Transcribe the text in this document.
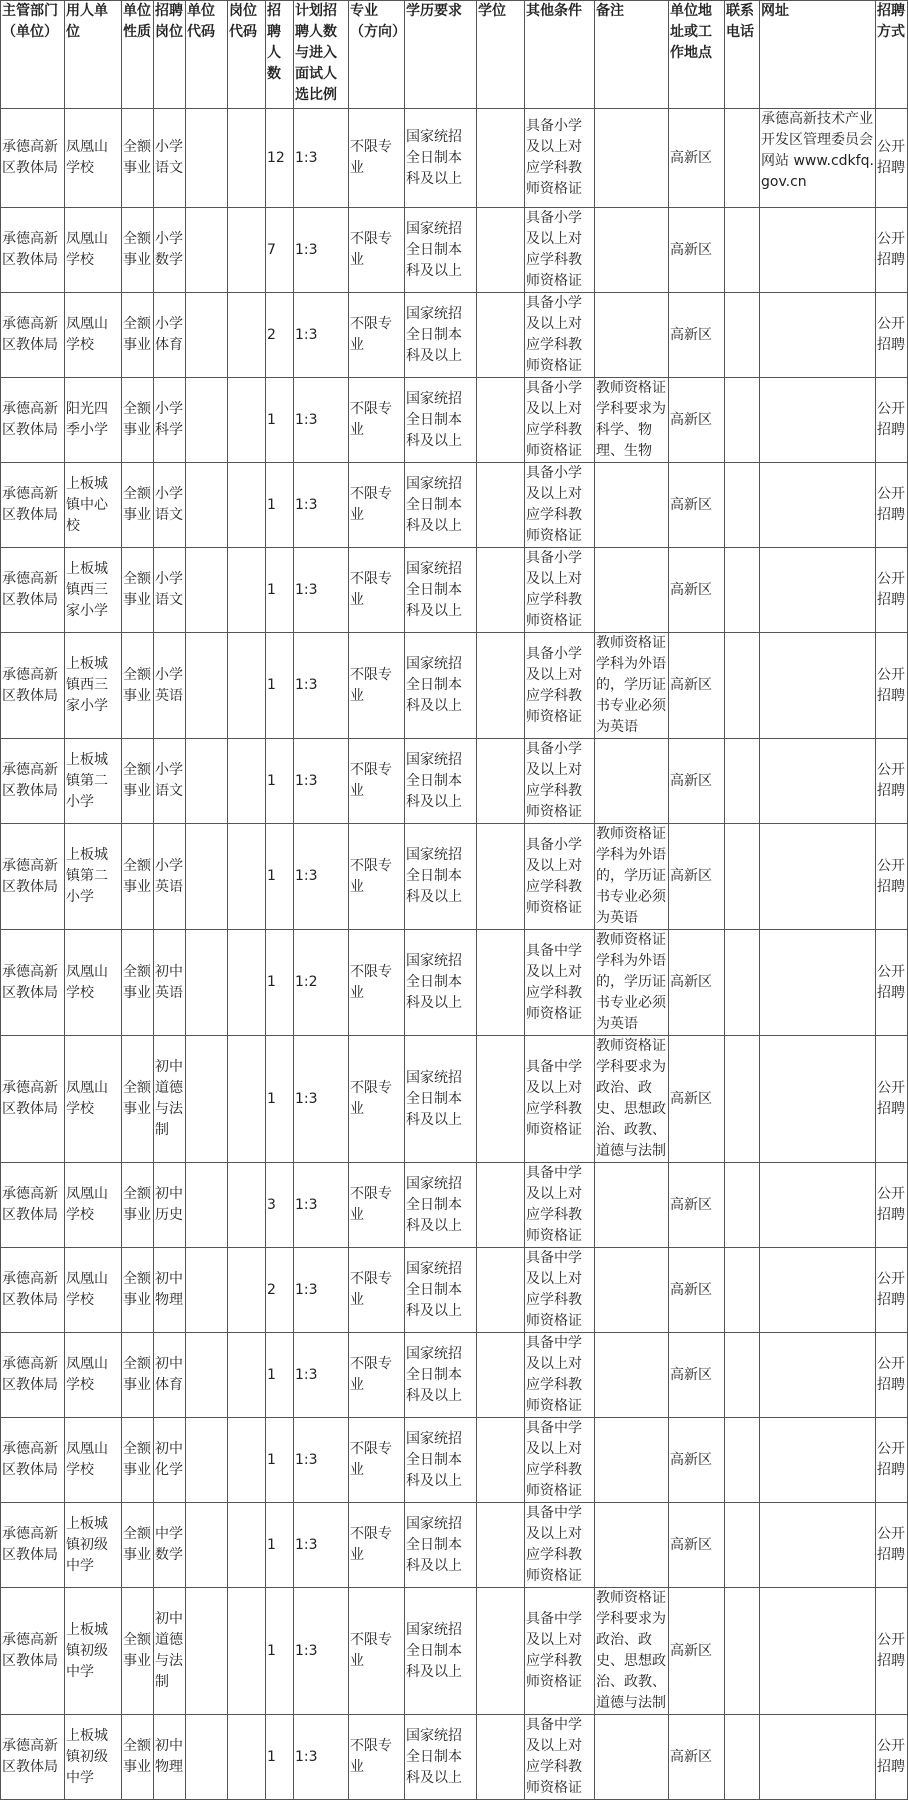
主管部门（单位）	用人单位	单位性质	招聘岗位	单位代码	岗位代码	招聘人数	计划招聘人数与进入面试人选比例	专业（方向）	学历要求	学位	其他条件	备注	单位地址或工作地点	联系电话	网址	招聘方式
承德高新区教体局	凤凰山学校	全额事业	小学语文			12	1:3	不限专业	国家统招全日制本科及以上		具备小学及以上对应学科教师资格证		高新区		承德高新技术产业开发区管理委员会网站 www.cdkfq.gov.cn	公开招聘
承德高新区教体局	凤凰山学校	全额事业	小学数学			7	1:3	不限专业	国家统招全日制本科及以上		具备小学及以上对应学科教师资格证		高新区			公开招聘
承德高新区教体局	凤凰山学校	全额事业	小学体育			2	1:3	不限专业	国家统招全日制本科及以上		具备小学及以上对应学科教师资格证		高新区			公开招聘
承德高新区教体局	阳光四季小学	全额事业	小学科学			1	1:3	不限专业	国家统招全日制本科及以上		具备小学及以上对应学科教师资格证	教师资格证学科要求为科学、物理、生物	高新区			公开招聘
承德高新区教体局	上板城镇中心校	全额事业	小学语文			1	1:3	不限专业	国家统招全日制本科及以上		具备小学及以上对应学科教师资格证		高新区			公开招聘
承德高新区教体局	上板城镇西三家小学	全额事业	小学语文			1	1:3	不限专业	国家统招全日制本科及以上		具备小学及以上对应学科教师资格证		高新区			公开招聘
承德高新区教体局	上板城镇西三家小学	全额事业	小学英语			1	1:3	不限专业	国家统招全日制本科及以上		具备小学及以上对应学科教师资格证	教师资格证学科为外语的，学历证书专业必须为英语	高新区			公开招聘
承德高新区教体局	上板城镇第二小学	全额事业	小学语文			1	1:3	不限专业	国家统招全日制本科及以上		具备小学及以上对应学科教师资格证		高新区			公开招聘
承德高新区教体局	上板城镇第二小学	全额事业	小学英语			1	1:3	不限专业	国家统招全日制本科及以上		具备小学及以上对应学科教师资格证	教师资格证学科为外语的，学历证书专业必须为英语	高新区			公开招聘
承德高新区教体局	凤凰山学校	全额事业	初中英语			1	1:2	不限专业	国家统招全日制本科及以上		具备中学及以上对应学科教师资格证	教师资格证学科为外语的，学历证书专业必须为英语	高新区			公开招聘
承德高新区教体局	凤凰山学校	全额事业	初中道德与法制			1	1:3	不限专业	国家统招全日制本科及以上		具备中学及以上对应学科教师资格证	教师资格证学科要求为政治、政史、思想政治、政教、道德与法制	高新区			公开招聘
承德高新区教体局	凤凰山学校	全额事业	初中历史			3	1:3	不限专业	国家统招全日制本科及以上		具备中学及以上对应学科教师资格证		高新区			公开招聘
承德高新区教体局	凤凰山学校	全额事业	初中物理			2	1:3	不限专业	国家统招全日制本科及以上		具备中学及以上对应学科教师资格证		高新区			公开招聘
承德高新区教体局	凤凰山学校	全额事业	初中体育			1	1:3	不限专业	国家统招全日制本科及以上		具备中学及以上对应学科教师资格证		高新区			公开招聘
承德高新区教体局	凤凰山学校	全额事业	初中化学			1	1:3	不限专业	国家统招全日制本科及以上		具备中学及以上对应学科教师资格证		高新区			公开招聘
承德高新区教体局	上板城镇初级中学	全额事业	中学数学			1	1:3	不限专业	国家统招全日制本科及以上		具备中学及以上对应学科教师资格证		高新区			公开招聘
承德高新区教体局	上板城镇初级中学	全额事业	初中道德与法制			1	1:3	不限专业	国家统招全日制本科及以上		具备中学及以上对应学科教师资格证	教师资格证学科要求为政治、政史、思想政治、政教、道德与法制	高新区			公开招聘
承德高新区教体局	上板城镇初级中学	全额事业	初中物理			1	1:3	不限专业	国家统招全日制本科及以上		具备中学及以上对应学科教师资格证		高新区			公开招聘
